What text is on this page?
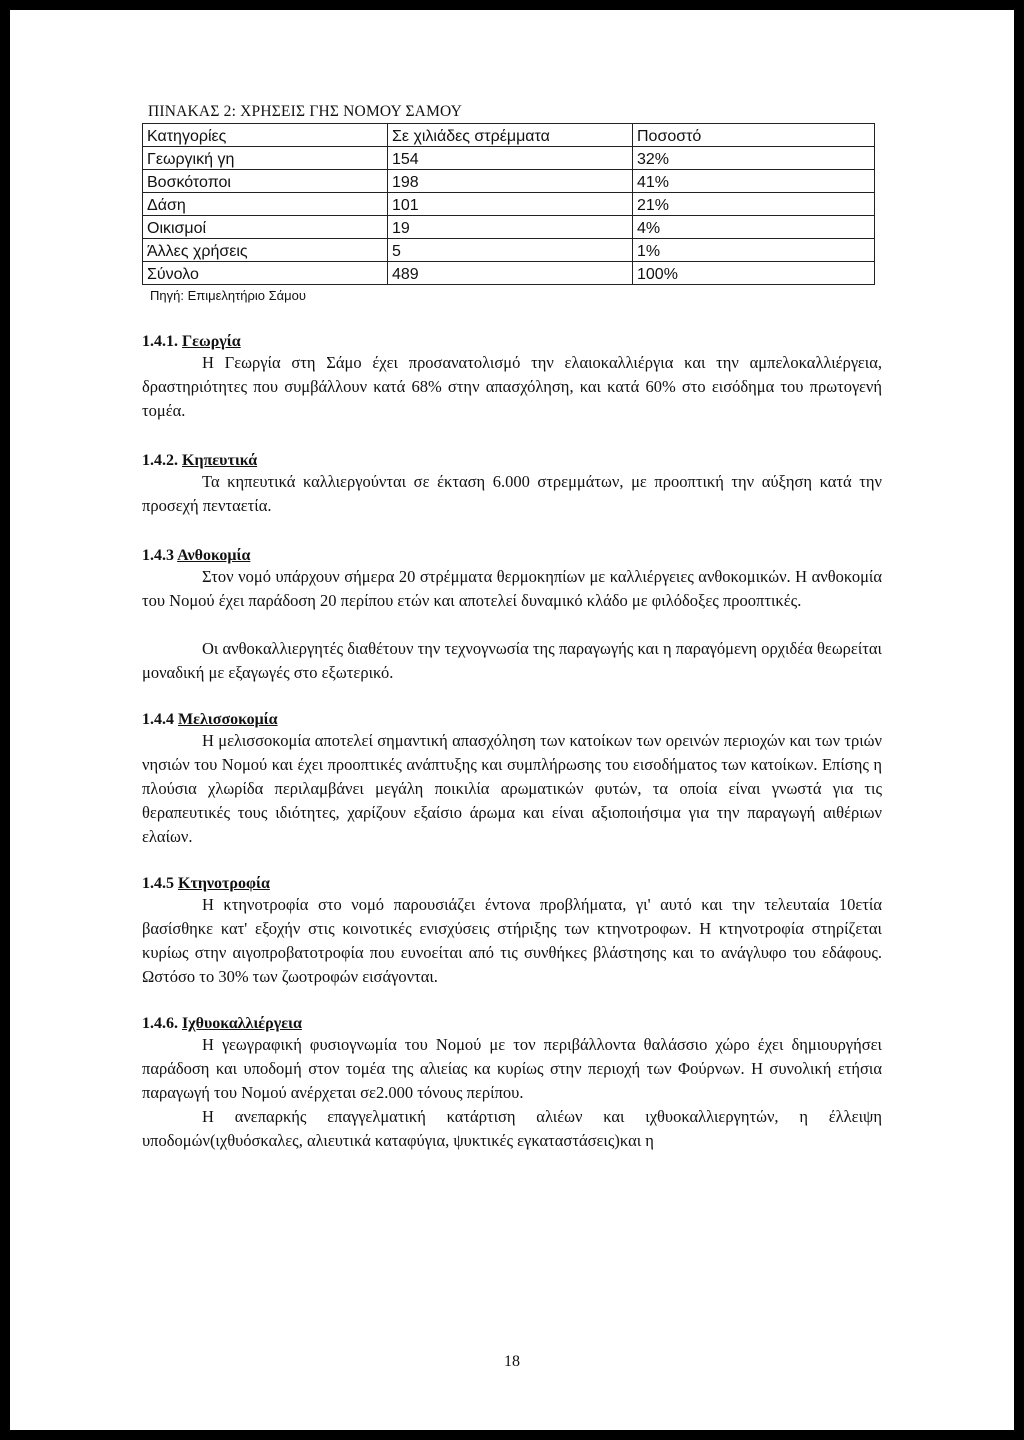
ΠΙΝΑΚΑΣ 2: ΧΡΗΣΕΙΣ ΓΗΣ ΝΟΜΟΥ ΣΑΜΟΥ
Κατηγορίες	Σε χιλιάδες στρέμματα	Ποσοστό
Γεωργική γη	154	32%
Βοσκότοποι	198	41%
Δάση	101	21%
Οικισμοί	19	4%
Άλλες χρήσεις	5	1%
Σύνολο	489	100%
Πηγή: Επιμελητήριο Σάμου
1.4.1. Γεωργία

Η Γεωργία στη Σάμο έχει προσανατολισμό την ελαιοκαλλιέργια και την αμπελοκαλλιέργεια, δραστηριότητες που συμβάλλουν κατά 68% στην απασχόληση, και κατά 60% στο εισόδημα του πρωτογενή τομέα.

1.4.2. Κηπευτικά

Τα κηπευτικά καλλιεργούνται σε έκταση 6.000 στρεμμάτων, με προοπτική την αύξηση κατά την προσεχή πενταετία.

1.4.3 Ανθοκομία

Στον νομό υπάρχουν σήμερα 20 στρέμματα θερμοκηπίων με καλλιέργειες ανθοκομικών. Η ανθοκομία του Νομού έχει παράδοση 20 περίπου ετών και αποτελεί δυναμικό κλάδο με φιλόδοξες προοπτικές.

Οι ανθοκαλλιεργητές διαθέτουν την τεχνογνωσία της παραγωγής και η παραγόμενη ορχιδέα θεωρείται μοναδική με εξαγωγές στο εξωτερικό.

1.4.4 Μελισσοκομία

Η μελισσοκομία αποτελεί σημαντική απασχόληση των κατοίκων των ορεινών περιοχών και των τριών νησιών του Νομού και έχει προοπτικές ανάπτυξης και συμπλήρωσης του εισοδήματος των κατοίκων. Επίσης η πλούσια χλωρίδα περιλαμβάνει μεγάλη ποικιλία αρωματικών φυτών, τα οποία είναι γνωστά για τις θεραπευτικές τους ιδιότητες, χαρίζουν εξαίσιο άρωμα και είναι αξιοποιήσιμα για την παραγωγή αιθέριων ελαίων.

1.4.5 Κτηνοτροφία

Η κτηνοτροφία στο νομό παρουσιάζει έντονα προβλήματα, γι' αυτό και την τελευταία 10ετία βασίσθηκε κατ' εξοχήν στις κοινοτικές ενισχύσεις στήριξης των κτηνοτροφων. Η κτηνοτροφία στηρίζεται κυρίως στην αιγοπροβατοτροφία που ευνοείται από τις συνθήκες βλάστησης και το ανάγλυφο του εδάφους. Ωστόσο το 30% των ζωοτροφών εισάγονται.

1.4.6. Ιχθυοκαλλιέργεια

Η γεωγραφική φυσιογνωμία του Νομού με τον περιβάλλοντα θαλάσσιο χώρο έχει δημιουργήσει παράδοση και υποδομή στον τομέα της αλιείας κα κυρίως στην περιοχή των Φούρνων. Η συνολική ετήσια παραγωγή του Νομού ανέρχεται σε2.000 τόνους περίπου.

Η ανεπαρκής επαγγελματική κατάρτιση αλιέων και ιχθυοκαλλιεργητών, η έλλειψη υποδομών(ιχθυόσκαλες, αλιευτικά καταφύγια, ψυκτικές εγκαταστάσεις)και η

18
